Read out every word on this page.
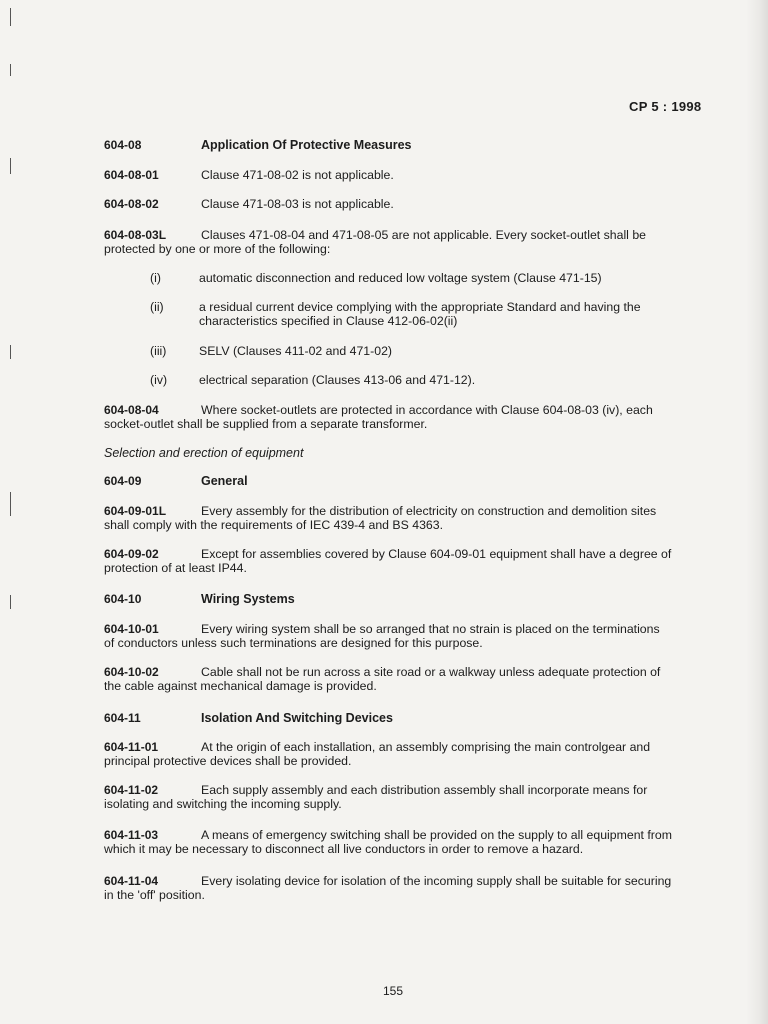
CP 5 : 1998
604-08	Application Of Protective Measures
604-08-01	Clause 471-08-02 is not applicable.
604-08-02	Clause 471-08-03 is not applicable.
604-08-03L	Clauses 471-08-04 and 471-08-05 are not applicable. Every socket-outlet shall be
protected by one or more of the following:
(i)	automatic disconnection and reduced low voltage system (Clause 471-15)
(ii)	a residual current device complying with the appropriate Standard and having the
characteristics specified in Clause 412-06-02(ii)
(iii)	SELV (Clauses 411-02 and 471-02)
(iv)	electrical separation (Clauses 413-06 and 471-12).
604-08-04	Where socket-outlets are protected in accordance with Clause 604-08-03 (iv), each
socket-outlet shall be supplied from a separate transformer.
Selection and erection of equipment
604-09	General
604-09-01L	Every assembly for the distribution of electricity on construction and demolition sites
shall comply with the requirements of IEC 439-4 and BS 4363.
604-09-02	Except for assemblies covered by Clause 604-09-01 equipment shall have a degree of
protection of at least IP44.
604-10	Wiring Systems
604-10-01	Every wiring system shall be so arranged that no strain is placed on the terminations
of conductors unless such terminations are designed for this purpose.
604-10-02	Cable shall not be run across a site road or a walkway unless adequate protection of
the cable against mechanical damage is provided.
604-11	Isolation And Switching Devices
604-11-01	At the origin of each installation, an assembly comprising the main controlgear and
principal protective devices shall be provided.
604-11-02	Each supply assembly and each distribution assembly shall incorporate means for
isolating and switching the incoming supply.
604-11-03	A means of emergency switching shall be provided on the supply to all equipment from
which it may be necessary to disconnect all live conductors in order to remove a hazard.
604-11-04	Every isolating device for isolation of the incoming supply shall be suitable for securing
in the 'off' position.
155
